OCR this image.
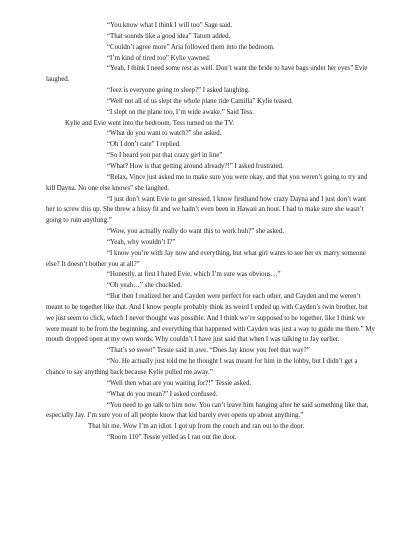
“You know what I think I will too” Sage said.

“That sounds like a good idea” Tatum added.

“Couldn’t agree more” Aria followed them into the bedroom.

“I’m kind of tired too” Kylie yawned.

“Yeah, I think I need some rest as well. Don’t want the bride to have bags under her eyes” Evie laughed.

“Jeez is everyone going to sleep?” I asked laughing.

“Well not all of us slept the whole plane ride Camilla” Kylie teased.

“I slept on the plane too, I’m wide awake.” Said Tess.

Kylie and Evie went into the bedroom. Tess turned on the TV.

“What do you want to watch?” she asked.

“Oh I don’t care” I replied.

“So I heard you put that crazy girl in line”

“What? How is that getting around already?!” I asked frustrated.

“Relax, Vince just asked me to make sure you were okay, and that you weren’t going to try and kill Dayna. No one else knows” she laughed.

“I just don’t want Evie to get stressed. I know firsthand how crazy Dayna and I just don’t want her to screw this up. She threw a hissy fit and we hadn’t even been in Hawaii an hour. I had to make sure she wasn’t going to ruin anything.”

“Wow, you actually really do want this to work huh?” she asked.

“Yeah, why wouldn’t I?”

“I know you’re with Jay now and everything, but what girl wants to see her ex marry someone else? It doesn’t bother you at all?”

“Honestly, at first I hated Evie, which I’m sure was obvious…”

“Oh yeah…” she chuckled.

“But then I realized her and Cayden were perfect for each other, and Cayden and me weren’t meant to be together like that. And I know people probably think its weird I ended up with Cayden’s twin brother, but we just seem to click, which I never thought was possible. And I think we’re supposed to be together, like I think we were meant to be from the beginning, and everything that happened with Cayden was just a way to guide me there.” My mouth dropped open at my own words. Why couldn’t I have just said that when I was talking to Jay earlier.

“That’s so sweet” Tessie said in awe. “Does Jay know you feel that way?”

“No. He actually just told me he thought I was meant for him in the lobby, but I didn’t get a chance to say anything back because Kylie pulled me away.”

“Well then what are you waiting for?!” Tessie asked.

“What do you mean?” I asked confused.

“You need to go talk to him now. You can’t leave him hanging after he said something like that, especially Jay. I’m sure you of all people know that kid barely ever opens up about anything.”

That hit me. Wow I’m an idiot. I got up from the couch and ran out to the door.

“Room 110” Tessie yelled as I ran out the door.
